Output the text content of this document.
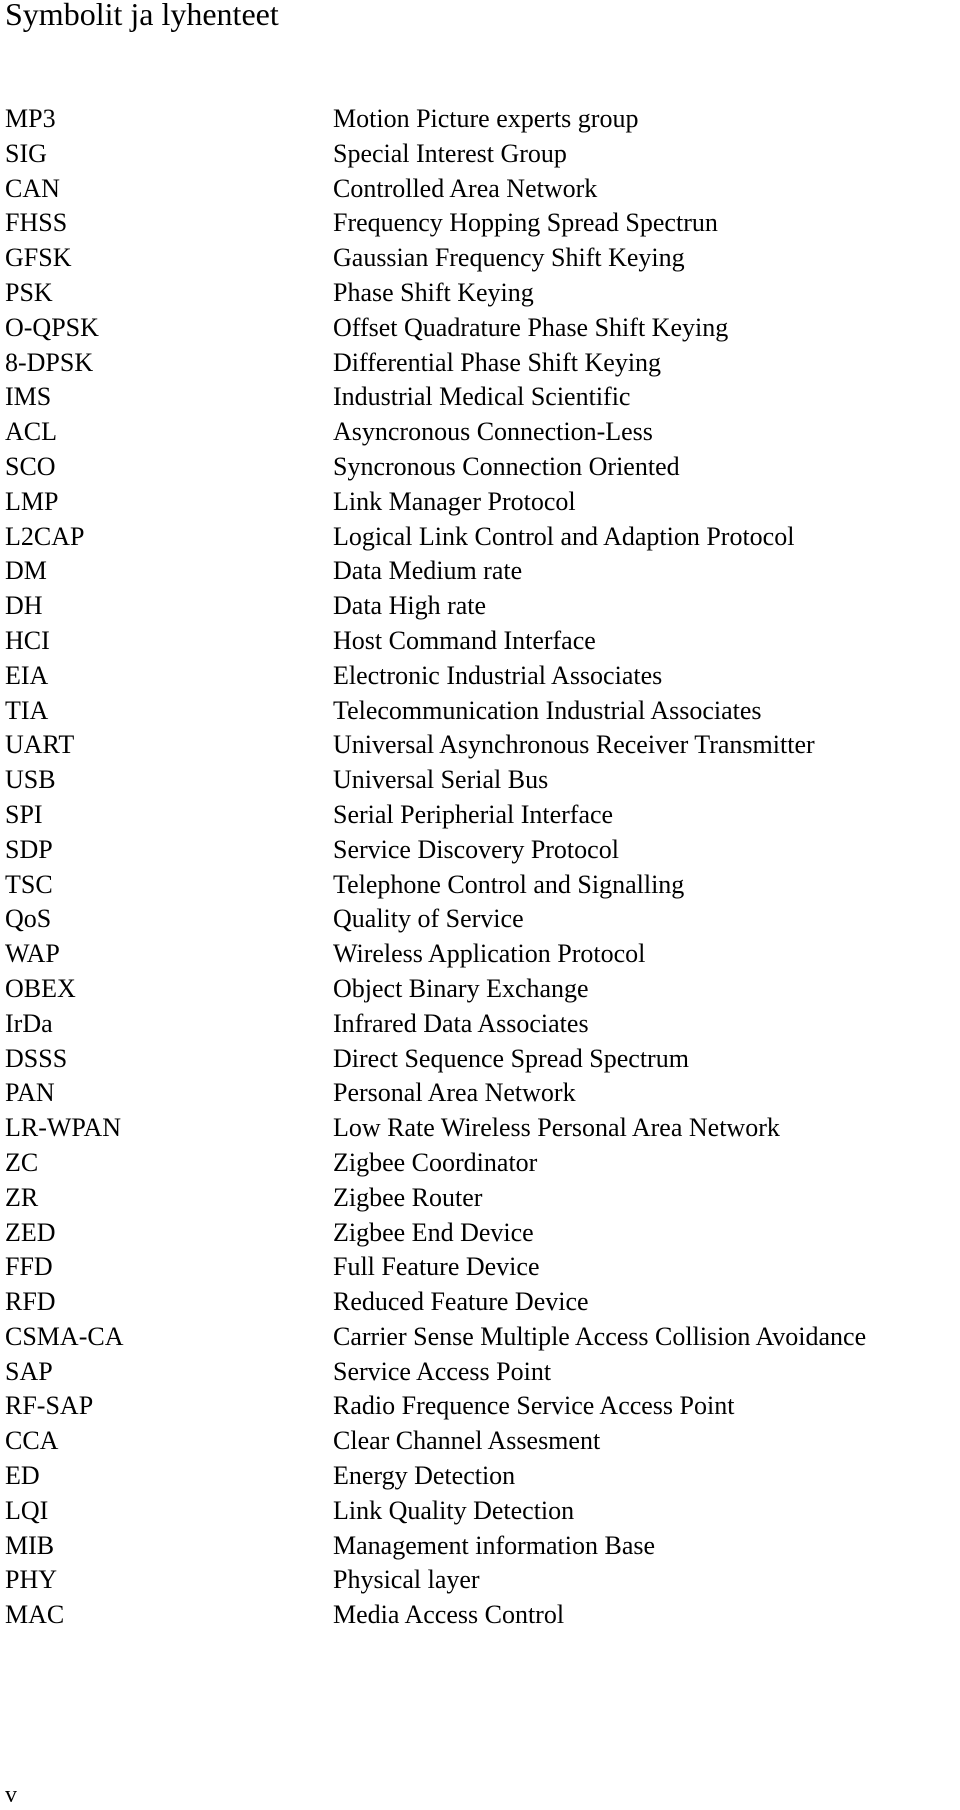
Symbolit ja lyhenteet
MP3	Motion Picture experts group
SIG	Special Interest Group
CAN	Controlled Area Network
FHSS	Frequency Hopping Spread Spectrun
GFSK	Gaussian Frequency Shift Keying
PSK	Phase Shift Keying
O-QPSK	Offset Quadrature Phase Shift Keying
8-DPSK	Differential Phase Shift Keying
IMS	Industrial Medical Scientific
ACL	Asyncronous Connection-Less
SCO	Syncronous Connection Oriented
LMP	Link Manager Protocol
L2CAP	Logical Link Control and Adaption Protocol
DM	Data Medium rate
DH	Data High rate
HCI	Host Command Interface
EIA	Electronic Industrial Associates
TIA	Telecommunication Industrial Associates
UART	Universal Asynchronous Receiver Transmitter
USB	Universal Serial Bus
SPI	Serial Peripherial Interface
SDP	Service Discovery Protocol
TSC	Telephone Control and Signalling
QoS	Quality of Service
WAP	Wireless Application Protocol
OBEX	Object Binary Exchange
IrDa	Infrared Data Associates
DSSS	Direct Sequence Spread Spectrum
PAN	Personal Area Network
LR-WPAN	Low Rate Wireless Personal Area Network
ZC	Zigbee Coordinator
ZR	Zigbee Router
ZED	Zigbee End Device
FFD	Full Feature Device
RFD	Reduced Feature Device
CSMA-CA	Carrier Sense Multiple Access Collision Avoidance
SAP	Service Access Point
RF-SAP	Radio Frequence Service Access Point
CCA	Clear Channel Assesment
ED	Energy Detection
LQI	Link Quality Detection
MIB	Management information Base
PHY	Physical layer
MAC	Media Access Control
v
